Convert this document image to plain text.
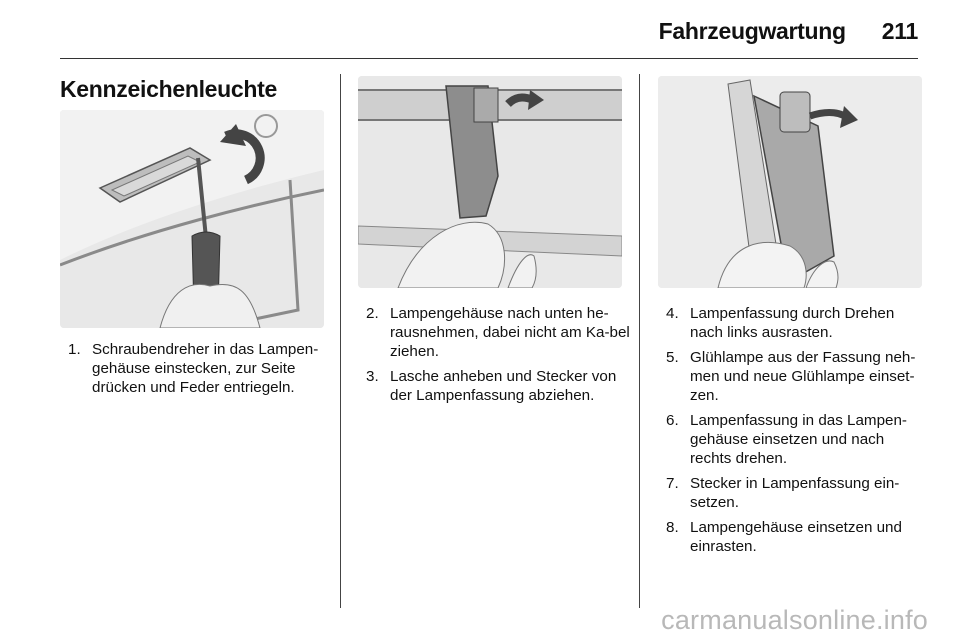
Fahrzeugwartung 211
Kennzeichenleuchte
1. Schraubendreher in das Lampen-gehäuse einstecken, zur Seite drücken und Feder entriegeln.
2. Lampengehäuse nach unten he-rausnehmen, dabei nicht am Ka-bel ziehen.
3. Lasche anheben und Stecker von der Lampenfassung abziehen.
4. Lampenfassung durch Drehen nach links ausrasten.
5. Glühlampe aus der Fassung neh-men und neue Glühlampe einset-zen.
6. Lampenfassung in das Lampen-gehäuse einsetzen und nach rechts drehen.
7. Stecker in Lampenfassung ein-setzen.
8. Lampengehäuse einsetzen und einrasten.
carmanualsonline.info
